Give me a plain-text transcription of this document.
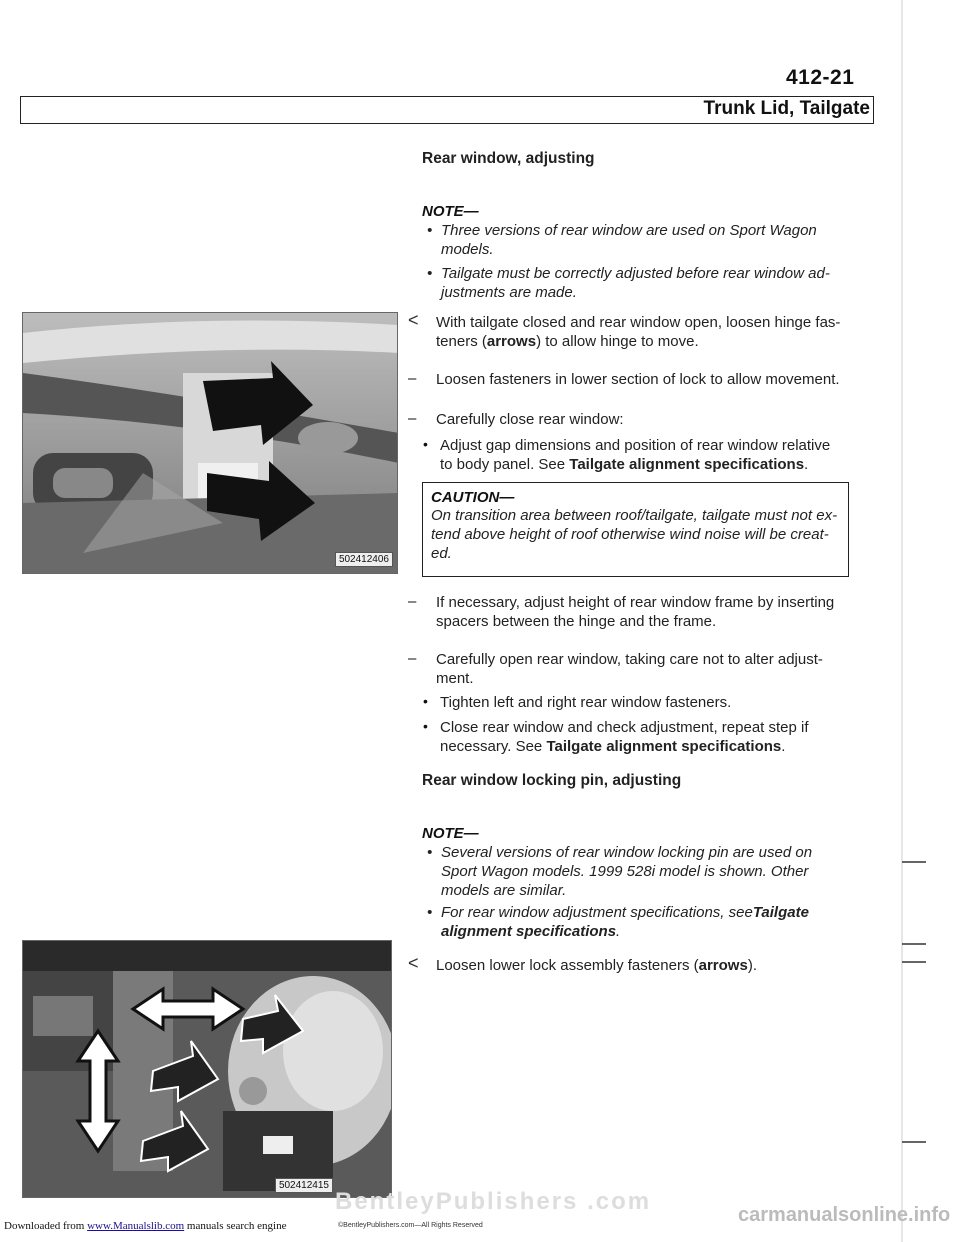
412-21
Trunk Lid, Tailgate
Rear window, adjusting
NOTE—
• Three versions of rear window are used on Sport Wagon
models.
• Tailgate must be correctly adjusted before rear window ad-
justments are made.
502412406
< With tailgate closed and rear window open, loosen hinge fas-
teners (arrows) to allow hinge to move.
– Loosen fasteners in lower section of lock to allow movement.
– Carefully close rear window:
• Adjust gap dimensions and position of rear window relative
to body panel. See Tailgate alignment specifications.
CAUTION—
On transition area between roof/tailgate, tailgate must not ex-
tend above height of roof otherwise wind noise will be creat-
ed.
– If necessary, adjust height of rear window frame by inserting
spacers between the hinge and the frame.
– Carefully open rear window, taking care not to alter adjust-
ment.
• Tighten left and right rear window fasteners.
• Close rear window and check adjustment, repeat step if
necessary. See Tailgate alignment specifications.
Rear window locking pin, adjusting
NOTE—
• Several versions of rear window locking pin are used on
Sport Wagon models. 1999 528i model is shown. Other
models are similar.
• For rear window adjustment specifications, seeTailgate
alignment specifications.
502412415
< Loosen lower lock assembly fasteners (arrows).
BentleyPublishers .com
Downloaded from www.Manualslib.com manuals search engine	©BentleyPublishers.com—All Rights Reserved	carmanualsonline.info
